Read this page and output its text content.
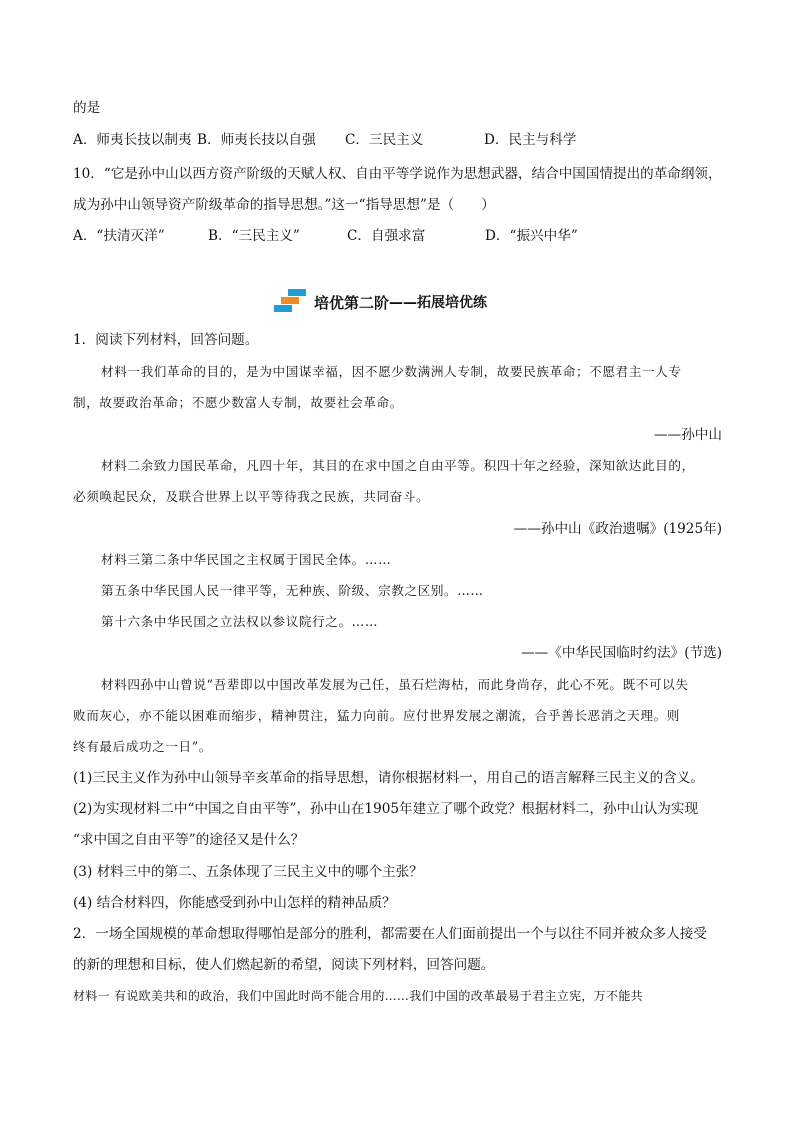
的是
A．师夷长技以制夷 B．师夷长技以自强 C．三民主义	D．民主与科学
10．“它是孙中山以西方资产阶级的天赋人权、自由平等学说作为思想武器，结合中国国情提出的革命纲领，
成为孙中山领导资产阶级革命的指导思想。”这一“指导思想”是（　　）
A．“扶清灭洋”	B．“三民主义”	C．自强求富	D．“振兴中华”
培优第二阶 ——拓展培优练
1．阅读下列材料，回答问题。
材料一我们革命的目的，是为中国谋幸福，因不愿少数满洲人专制，故要民族革命；不愿君主一人专
制，故要政治革命；不愿少数富人专制，故要社会革命。
——孙中山
材料二余致力国民革命，凡四十年，其目的在求中国之自由平等。积四十年之经验，深知欲达此目的，
必须唤起民众，及联合世界上以平等待我之民族，共同奋斗。
——孙中山《政治遗嘱》(1925年)
材料三第二条中华民国之主权属于国民全体。……
第五条中华民国人民一律平等，无种族、阶级、宗教之区别。……
第十六条中华民国之立法权以参议院行之。……
——《中华民国临时约法》(节选)
材料四孙中山曾说“吾辈即以中国改革发展为己任，虽石烂海枯，而此身尚存，此心不死。既不可以失
败而灰心，亦不能以困难而缩步，精神贯注，猛力向前。应付世界发展之潮流，合乎善长恶消之天理。则
终有最后成功之一日”。
(1)三民主义作为孙中山领导辛亥革命的指导思想，请你根据材料一，用自己的语言解释三民主义的含义。
(2)为实现材料二中“中国之自由平等”，孙中山在1905年建立了哪个政党？根据材料二，孙中山认为实现
“求中国之自由平等”的途径又是什么？
(3) 材料三中的第二、五条体现了三民主义中的哪个主张？
(4) 结合材料四，你能感受到孙中山怎样的精神品质？
2．一场全国规模的革命想取得哪怕是部分的胜利，都需要在人们面前提出一个与以往不同并被众多人接受
的新的理想和目标，使人们燃起新的希望，阅读下列材料，回答问题。
材料一 有说欧美共和的政治，我们中国此时尚不能合用的……我们中国的改革最易于君主立宪，万不能共
